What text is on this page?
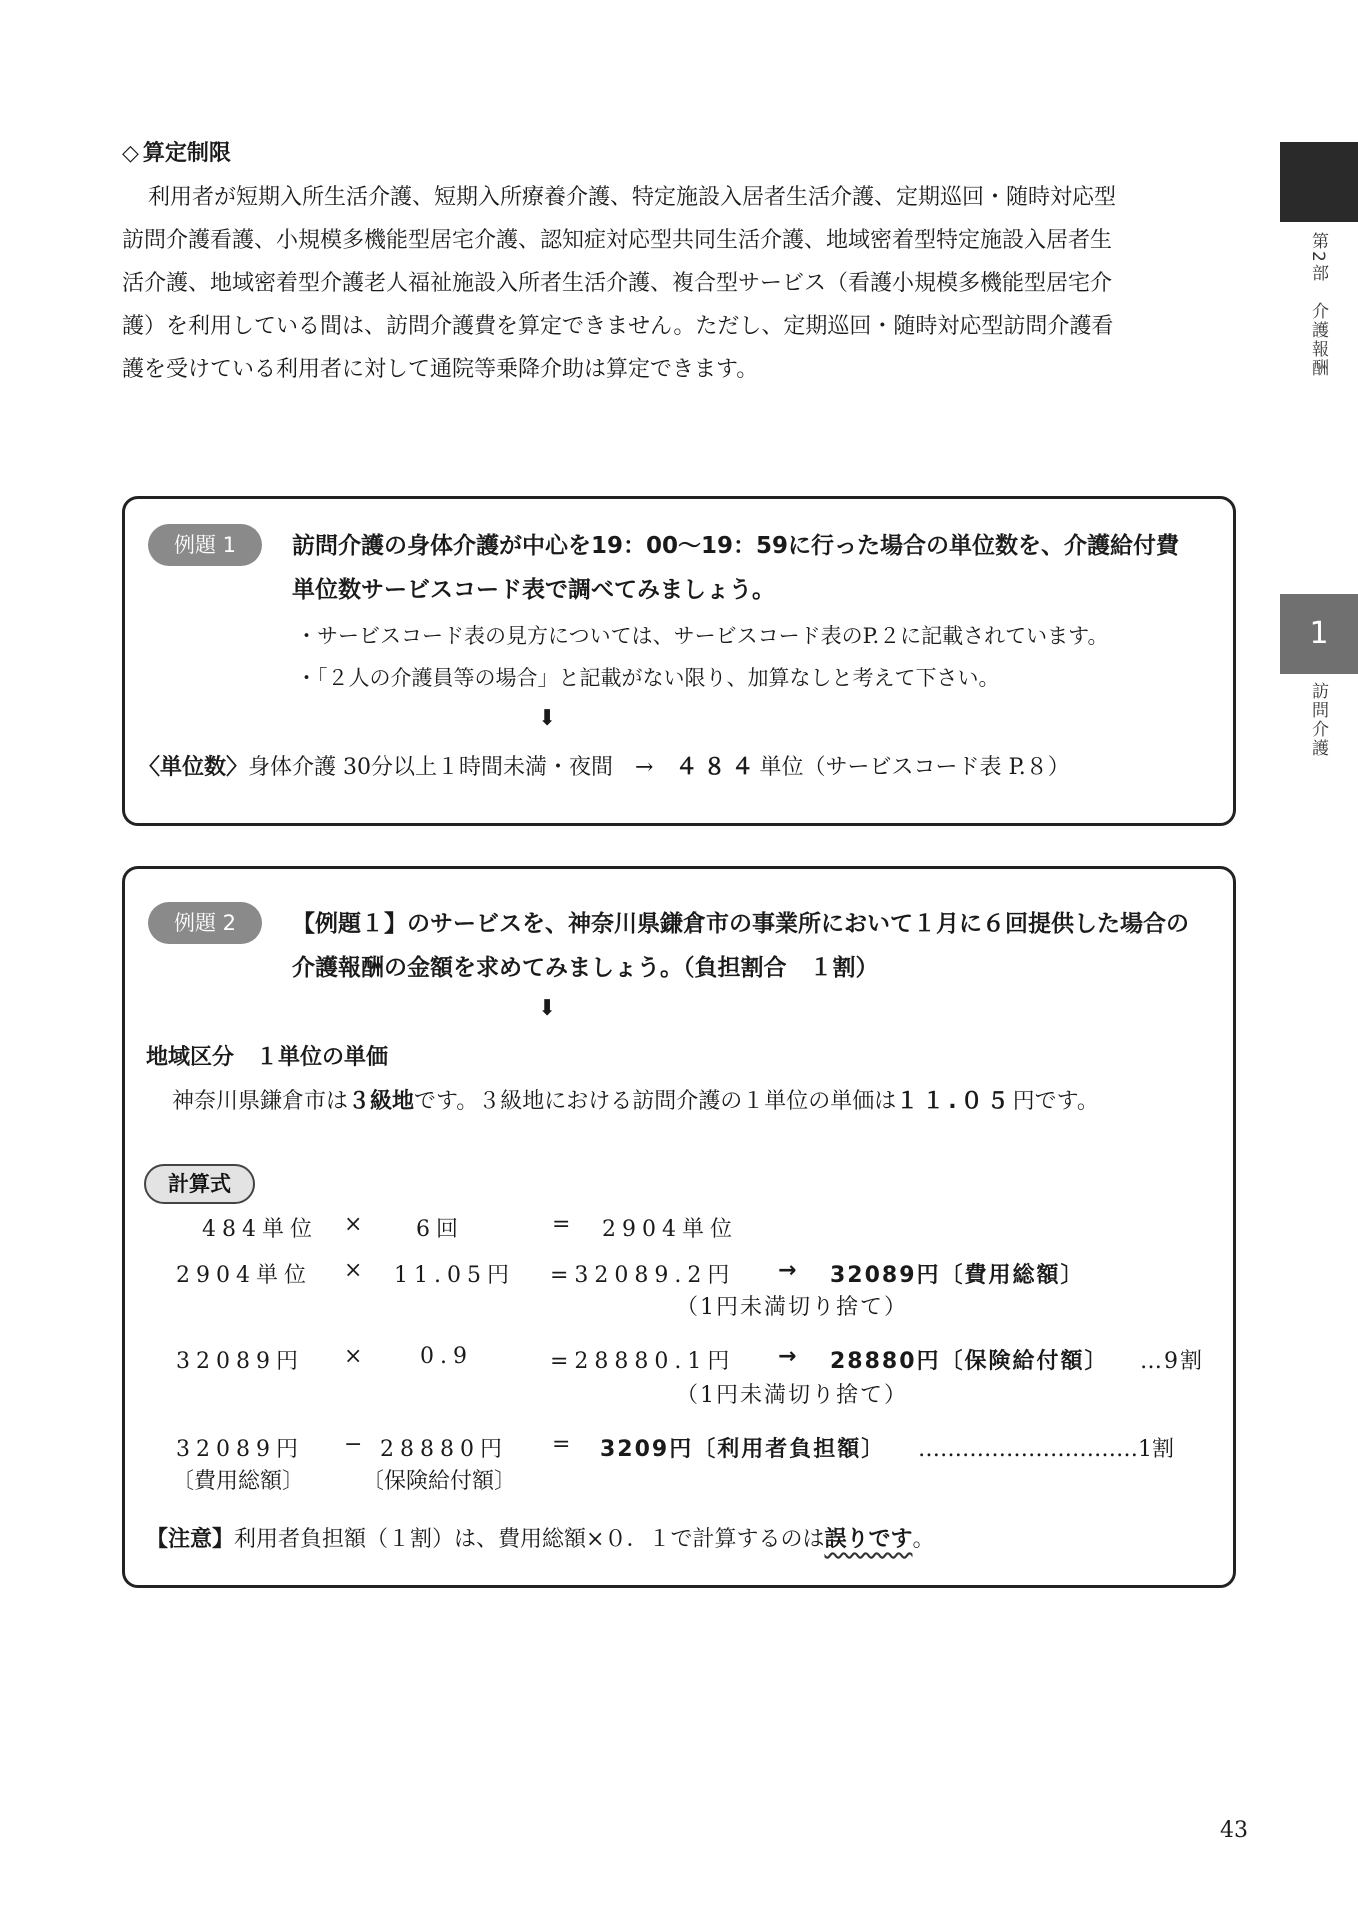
◇ 算定制限
利用者が短期入所生活介護、短期入所療養介護、特定施設入居者生活介護、定期巡回・随時対応型
訪問介護看護、小規模多機能型居宅介護、認知症対応型共同生活介護、地域密着型特定施設入居者生
活介護、地域密着型介護老人福祉施設入所者生活介護、複合型サービス（看護小規模多機能型居宅介
護）を利用している間は、訪問介護費を算定できません。ただし、定期巡回・随時対応型訪問介護看
護を受けている利用者に対して通院等乗降介助は算定できます。	第2部　介護報酬
1
訪問介護
例題 1	訪問介護の身体介護が中心を19：00〜19：59に行った場合の単位数を、介護給付費
単位数サービスコード表で調べてみましょう。
・サービスコード表の見方については、サービスコード表のP.２に記載されています。
・「２人の介護員等の場合」と記載がない限り、加算なしと考えて下さい。
⬇
〈単位数〉身体介護 30分以上１時間未満・夜間　→　４８４単位（サービスコード表 P.８）
例題 2	【例題１】のサービスを、神奈川県鎌倉市の事業所において１月に６回提供した場合の
介護報酬の金額を求めてみましょう。（負担割合　１割）
⬇
地域区分　１単位の単価
神奈川県鎌倉市は３級地です。３級地における訪問介護の１単位の単価は１１.０５円です。
計算式
484単位 × 6回	= 2904単位
2904単位 × 11.05円 =32089.2円 → 32089円〔費用総額〕
（1円未満切り捨て）
32089円 × 0.9	=28880.1円 → 28880円〔保険給付額〕 …9割
（1円未満切り捨て）
32089円 − 28880円 = 3209円〔利用者負担額〕 …………………………1割
〔費用総額〕	〔保険給付額〕
【注意】利用者負担額（１割）は、費用総額×０．１で計算するのは誤りです。
43
